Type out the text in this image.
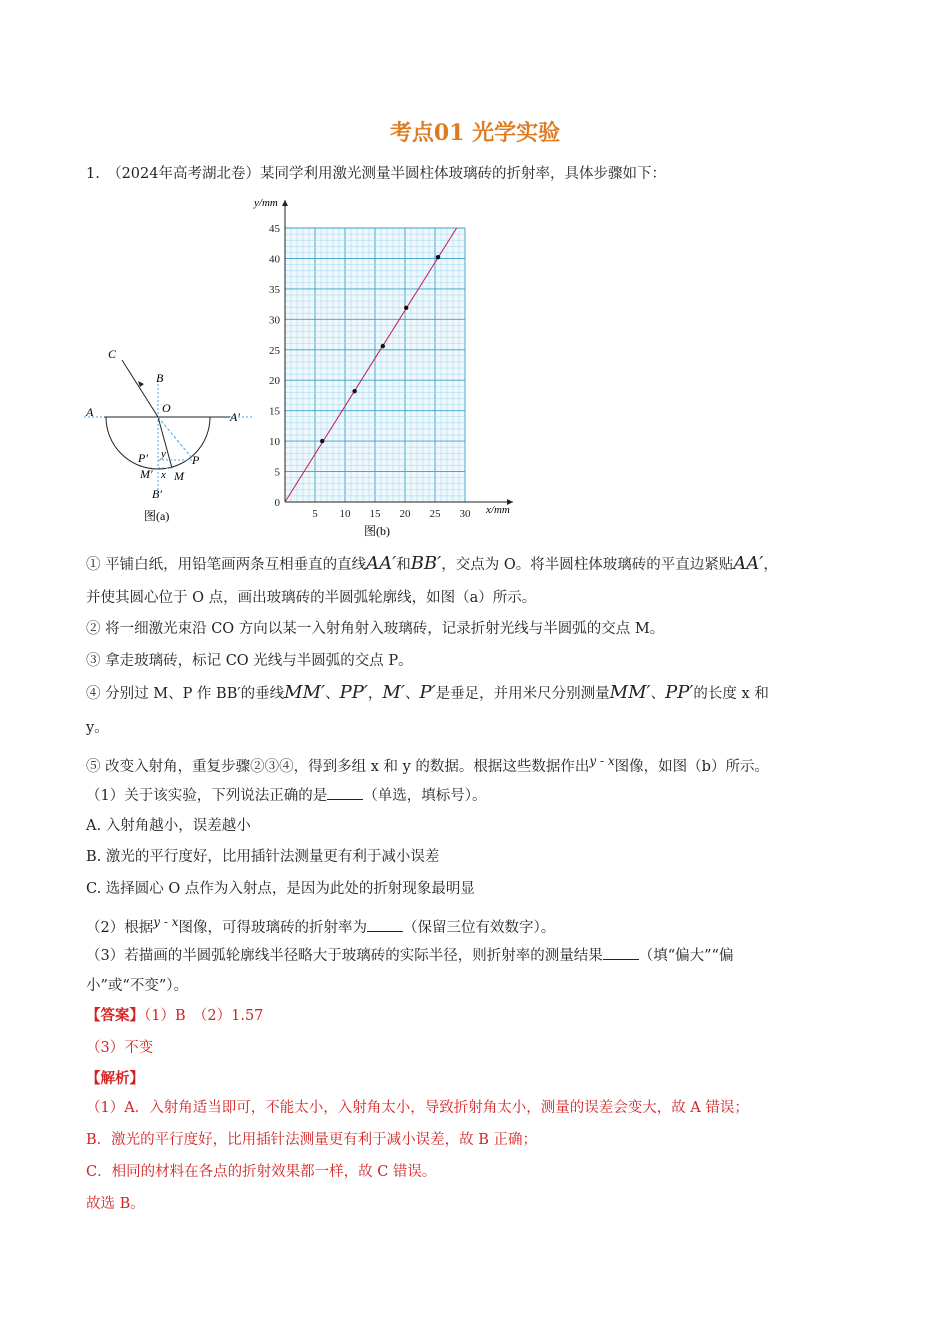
考点01 光学实验
1.　（2024年高考湖北卷）某同学利用激光测量半圆柱体玻璃砖的折射率，具体步骤如下：
C
B
O
A	A′
y
P′
M′ x
P
M
B′
图(a)
0
5
10
15
20
25
30
35
40
45
5 10 15 20 25 30
y/mm
x/mm
图(b)
① 平铺白纸，用铅笔画两条互相垂直的直线AA′和BB′，交点为 O。将半圆柱体玻璃砖的平直边紧贴AA′，
并使其圆心位于 O 点，画出玻璃砖的半圆弧轮廓线，如图（a）所示。
② 将一细激光束沿 CO 方向以某一入射角射入玻璃砖，记录折射光线与半圆弧的交点 M。
③ 拿走玻璃砖，标记 CO 光线与半圆弧的交点 P。
④ 分别过 M、P 作 BB′的垂线MM′、PP′，M′、P′是垂足，并用米尺分别测量MM′、PP′的长度 x 和
y。
⑤ 改变入射角，重复步骤②③④，得到多组 x 和 y 的数据。根据这些数据作出$^{y - x}$图像，如图（b）所示。
（1）关于该实验，下列说法正确的是 （单选，填标号）。
A. 入射角越小，误差越小
B. 激光的平行度好，比用插针法测量更有利于减小误差
C. 选择圆心 O 点作为入射点，是因为此处的折射现象最明显
（2）根据$^{y - x}$图像，可得玻璃砖的折射率为 （保留三位有效数字）。
（3）若描画的半圆弧轮廓线半径略大于玻璃砖的实际半径，则折射率的测量结果 （填“偏大”“偏
小”或“不变”）。
【答案】（1）B　（2）1.57
（3）不变
【解析】
（1）A．入射角适当即可，不能太小，入射角太小，导致折射角太小，测量的误差会变大，故 A 错误；
B．激光的平行度好，比用插针法测量更有利于减小误差，故 B 正确；
C．相同的材料在各点的折射效果都一样，故 C 错误。
故选 B。
